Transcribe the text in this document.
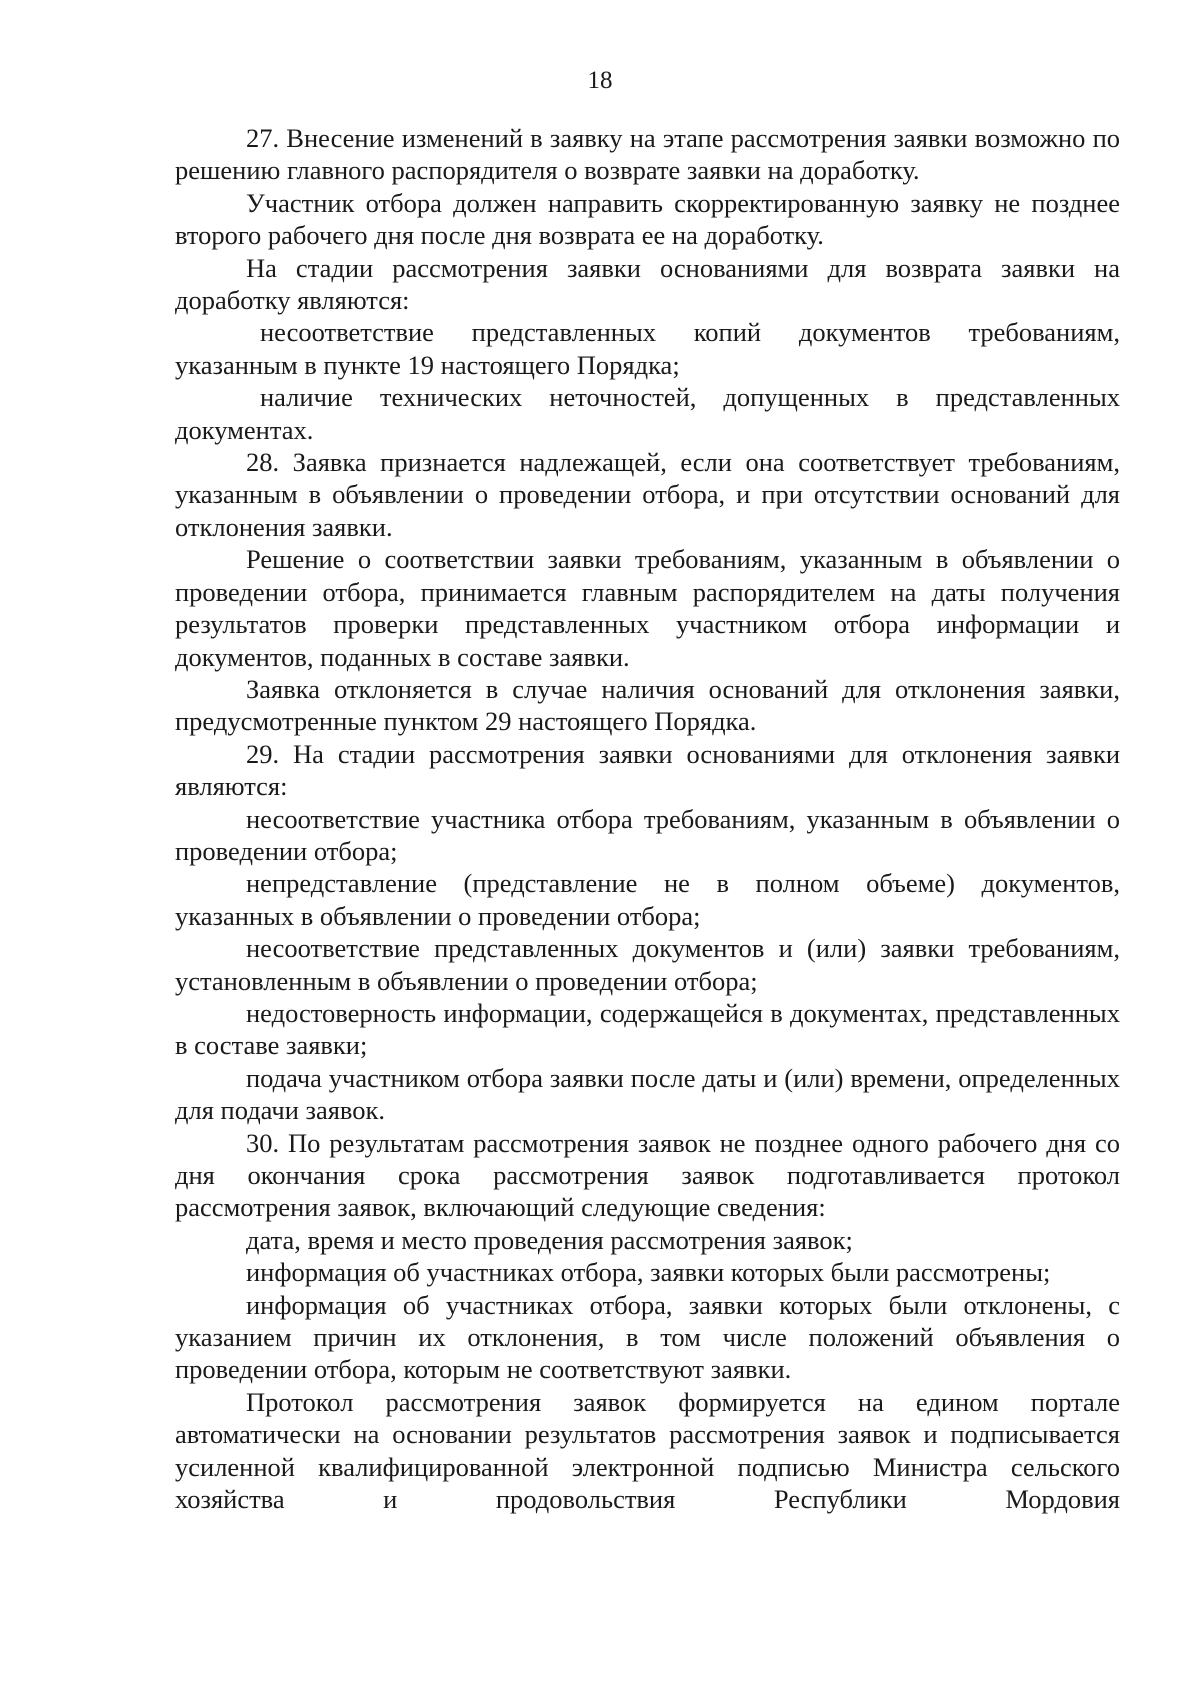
18

27. Внесение изменений в заявку на этапе рассмотрения заявки возможно по решению главного распорядителя о возврате заявки на доработку.

Участник отбора должен направить скорректированную заявку не позднее второго рабочего дня после дня возврата ее на доработку.

На стадии рассмотрения заявки основаниями для возврата заявки на доработку являются:

несоответствие представленных копий документов требованиям, указанным в пункте 19 настоящего Порядка;

наличие технических неточностей, допущенных в представленных документах.

28. Заявка признается надлежащей, если она соответствует требованиям, указанным в объявлении о проведении отбора, и при отсутствии оснований для отклонения заявки.

Решение о соответствии заявки требованиям, указанным в объявлении о проведении отбора, принимается главным распорядителем на даты получения результатов проверки представленных участником отбора информации и документов, поданных в составе заявки.

Заявка отклоняется в случае наличия оснований для отклонения заявки, предусмотренные пунктом 29 настоящего Порядка.

29. На стадии рассмотрения заявки основаниями для отклонения заявки являются:

несоответствие участника отбора требованиям, указанным в объявлении о проведении отбора;

непредставление (представление не в полном объеме) документов, указанных в объявлении о проведении отбора;

несоответствие представленных документов и (или) заявки требованиям, установленным в объявлении о проведении отбора;

недостоверность информации, содержащейся в документах, представленных в составе заявки;

подача участником отбора заявки после даты и (или) времени, определенных для подачи заявок.

30. По результатам рассмотрения заявок не позднее одного рабочего дня со дня окончания срока рассмотрения заявок подготавливается протокол рассмотрения заявок, включающий следующие сведения:

дата, время и место проведения рассмотрения заявок;

информация об участниках отбора, заявки которых были рассмотрены;

информация об участниках отбора, заявки которых были отклонены, с указанием причин их отклонения, в том числе положений объявления о проведении отбора, которым не соответствуют заявки.

Протокол рассмотрения заявок формируется на едином портале автоматически на основании результатов рассмотрения заявок и подписывается усиленной квалифицированной электронной подписью Министра сельского хозяйства и продовольствия Республики Мордовия
